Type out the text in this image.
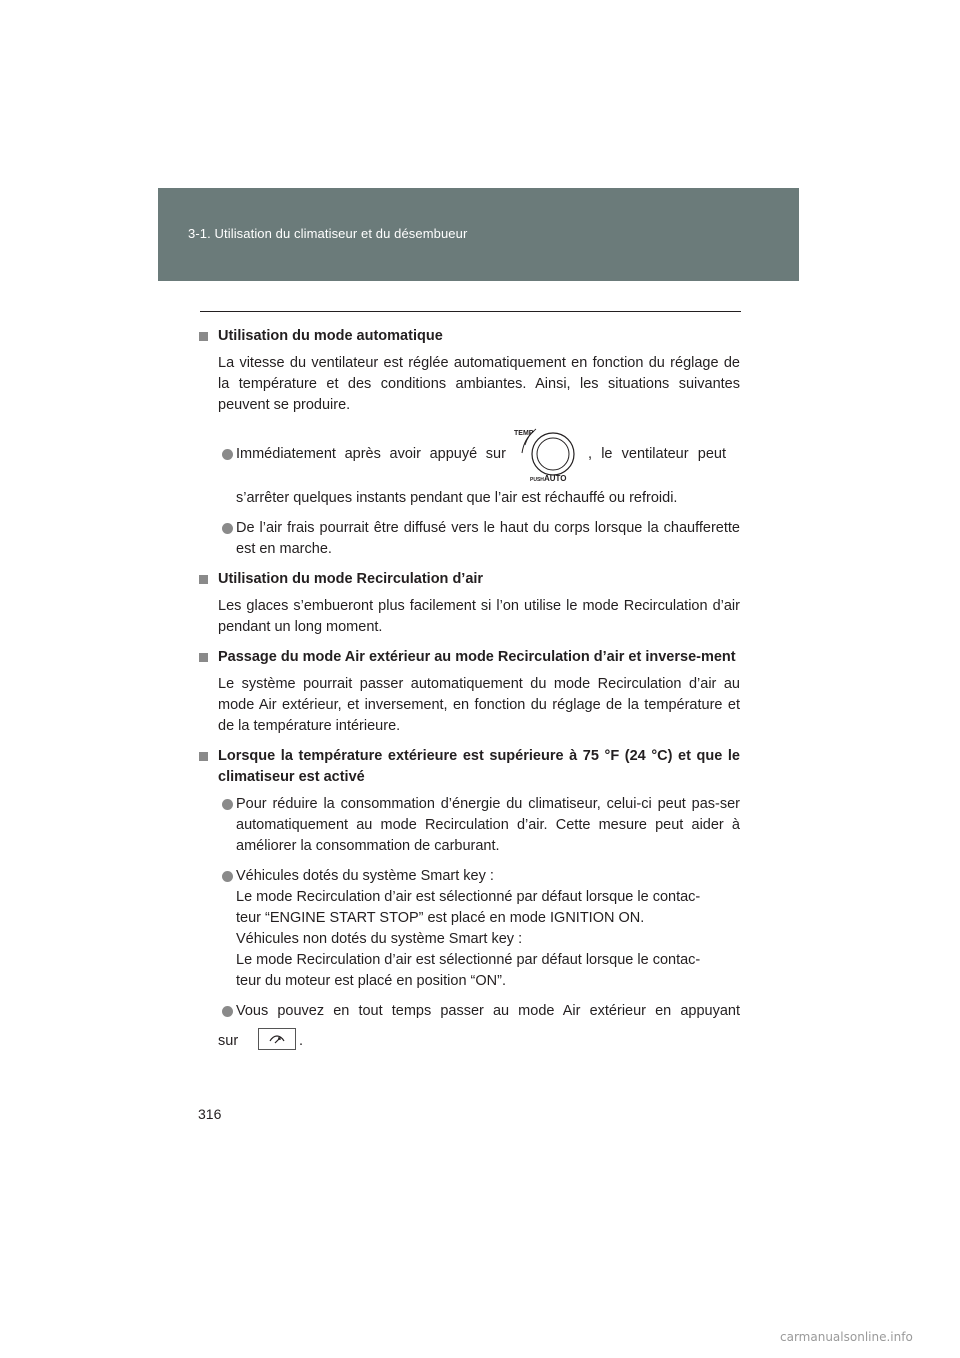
3-1. Utilisation du climatiseur et du désembueur
Utilisation du mode automatique
La vitesse du ventilateur est réglée automatiquement en fonction du réglage de la température et des conditions ambiantes. Ainsi, les situations suivantes peuvent se produire.
Immédiatement après avoir appuyé sur
TEMP
PUSH AUTO
, le ventilateur peut
s’arrêter quelques instants pendant que l’air est réchauffé ou refroidi.
De l’air frais pourrait être diffusé vers le haut du corps lorsque la chaufferette est en marche.
Utilisation du mode Recirculation d’air
Les glaces s’embueront plus facilement si l’on utilise le mode Recirculation d’air pendant un long moment.
Passage du mode Air extérieur au mode Recirculation d’air et inverse-ment
Le système pourrait passer automatiquement du mode Recirculation d’air au mode Air extérieur, et inversement, en fonction du réglage de la température et de la température intérieure.
Lorsque la température extérieure est supérieure à 75 °F (24 °C) et que le climatiseur est activé
Pour réduire la consommation d’énergie du climatiseur, celui-ci peut pas-ser automatiquement au mode Recirculation d’air. Cette mesure peut aider à améliorer la consommation de carburant.
Véhicules dotés du système Smart key :
Le mode Recirculation d’air est sélectionné par défaut lorsque le contac-
teur “ENGINE START STOP” est placé en mode IGNITION ON.
Véhicules non dotés du système Smart key :
Le mode Recirculation d’air est sélectionné par défaut lorsque le contac-
teur du moteur est placé en position “ON”.
Vous pouvez en tout temps passer au mode Air extérieur en appuyant
sur	.
316
carmanualsonline.info
